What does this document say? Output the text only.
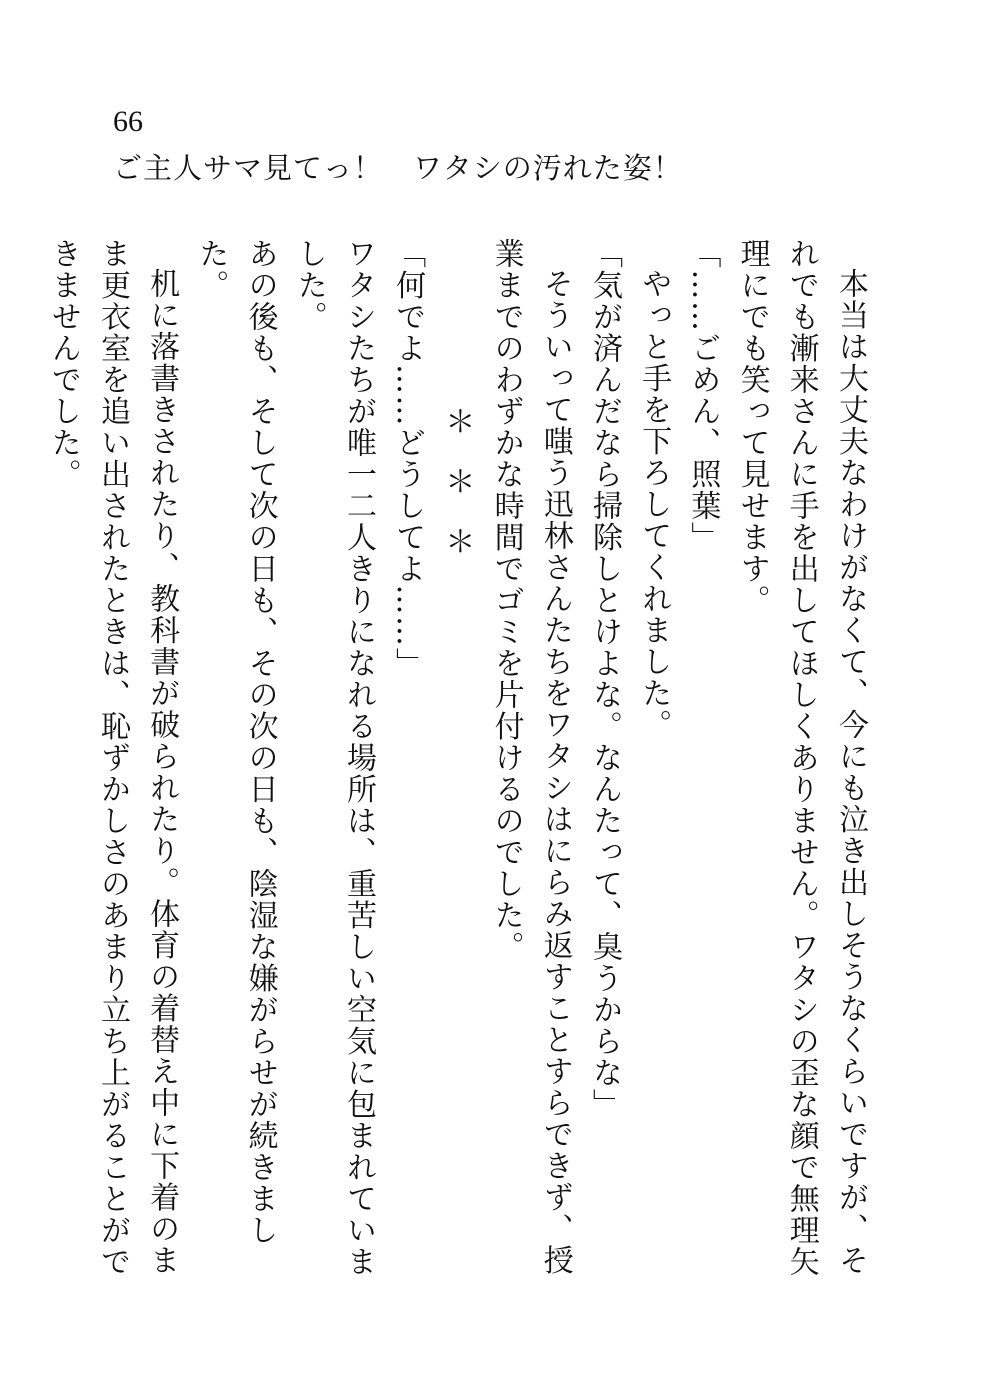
66
ご主人サマ見てっ！　ワタシの汚れた姿！

本当は大丈夫なわけがなくて、今にも泣き出しそうなくらいですが、それでも漸来さんに手を出してほしくありません。ワタシの歪な顔で無理矢理にでも笑って見せます。

「……ごめん、照葉」

やっと手を下ろしてくれました。

「気が済んだなら掃除しとけよな。なんたって、臭うからな」

そういって嗤う迅林さんたちをワタシはにらみ返すことすらできず、授業までのわずかな時間でゴミを片付けるのでした。

＊＊＊

「何でよ……どうしてよ……」

ワタシたちが唯一二人きりになれる場所は、重苦しい空気に包まれていました。

あの後も、そして次の日も、その次の日も、陰湿な嫌がらせが続きました。

机に落書きされたり、教科書が破られたり。体育の着替え中に下着のまま更衣室を追い出されたときは、恥ずかしさのあまり立ち上がることができませんでした。
